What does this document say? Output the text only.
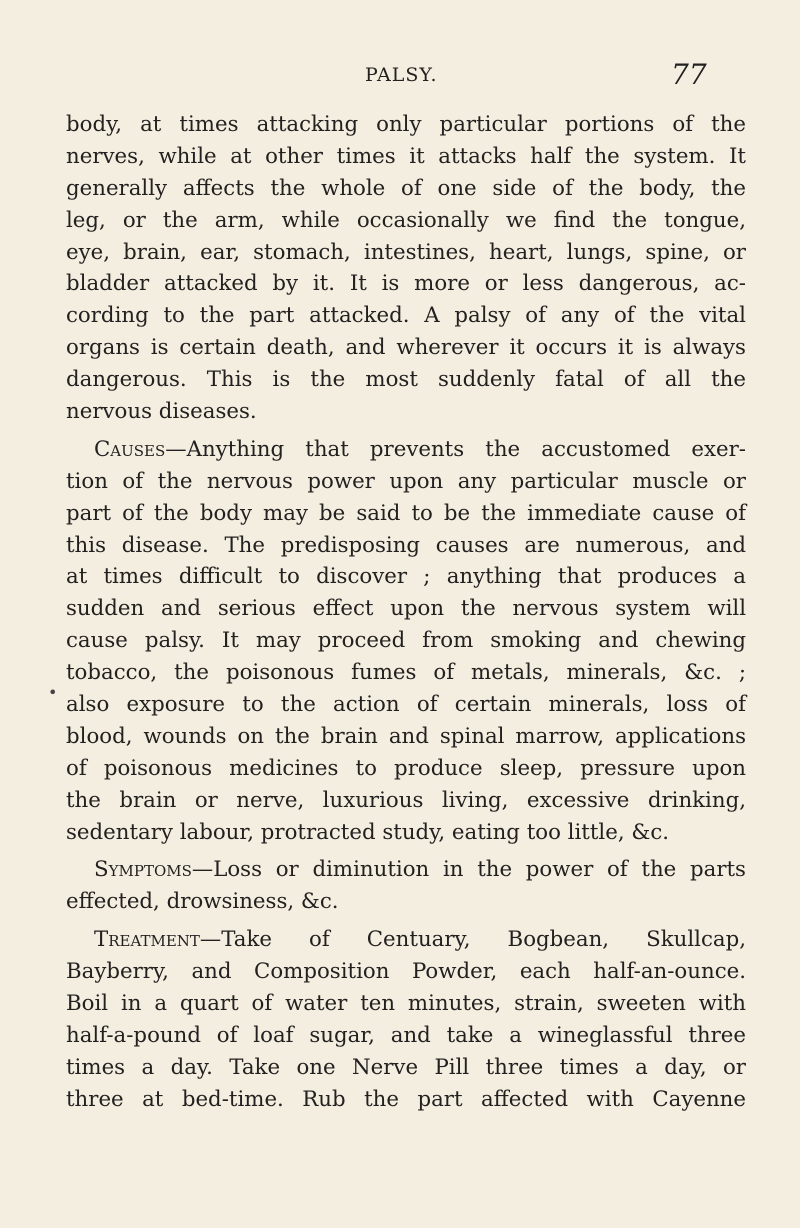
PALSY.	77
•
body, at times attacking only particular portions of the
nerves, while at other times it attacks half the system. It
generally affects the whole of one side of the body, the
leg, or the arm, while occasionally we find the tongue,
eye, brain, ear, stomach, intestines, heart, lungs, spine, or
bladder attacked by it. It is more or less dangerous, ac-
cording to the part attacked. A palsy of any of the vital
organs is certain death, and wherever it occurs it is always
dangerous. This is the most suddenly fatal of all the
nervous diseases.
Causes—Anything that prevents the accustomed exer-
tion of the nervous power upon any particular muscle or
part of the body may be said to be the immediate cause of
this disease. The predisposing causes are numerous, and
at times difficult to discover ; anything that produces a
sudden and serious effect upon the nervous system will
cause palsy. It may proceed from smoking and chewing
tobacco, the poisonous fumes of metals, minerals, &c. ;
also exposure to the action of certain minerals, loss of
blood, wounds on the brain and spinal marrow, applications
of poisonous medicines to produce sleep, pressure upon
the brain or nerve, luxurious living, excessive drinking,
sedentary labour, protracted study, eating too little, &c.
Symptoms—Loss or diminution in the power of the parts
effected, drowsiness, &c.
Treatment—Take of Centuary, Bogbean, Skullcap,
Bayberry, and Composition Powder, each half-an-ounce.
Boil in a quart of water ten minutes, strain, sweeten with
half-a-pound of loaf sugar, and take a wineglassful three
times a day. Take one Nerve Pill three times a day, or
three at bed-time. Rub the part affected with Cayenne
